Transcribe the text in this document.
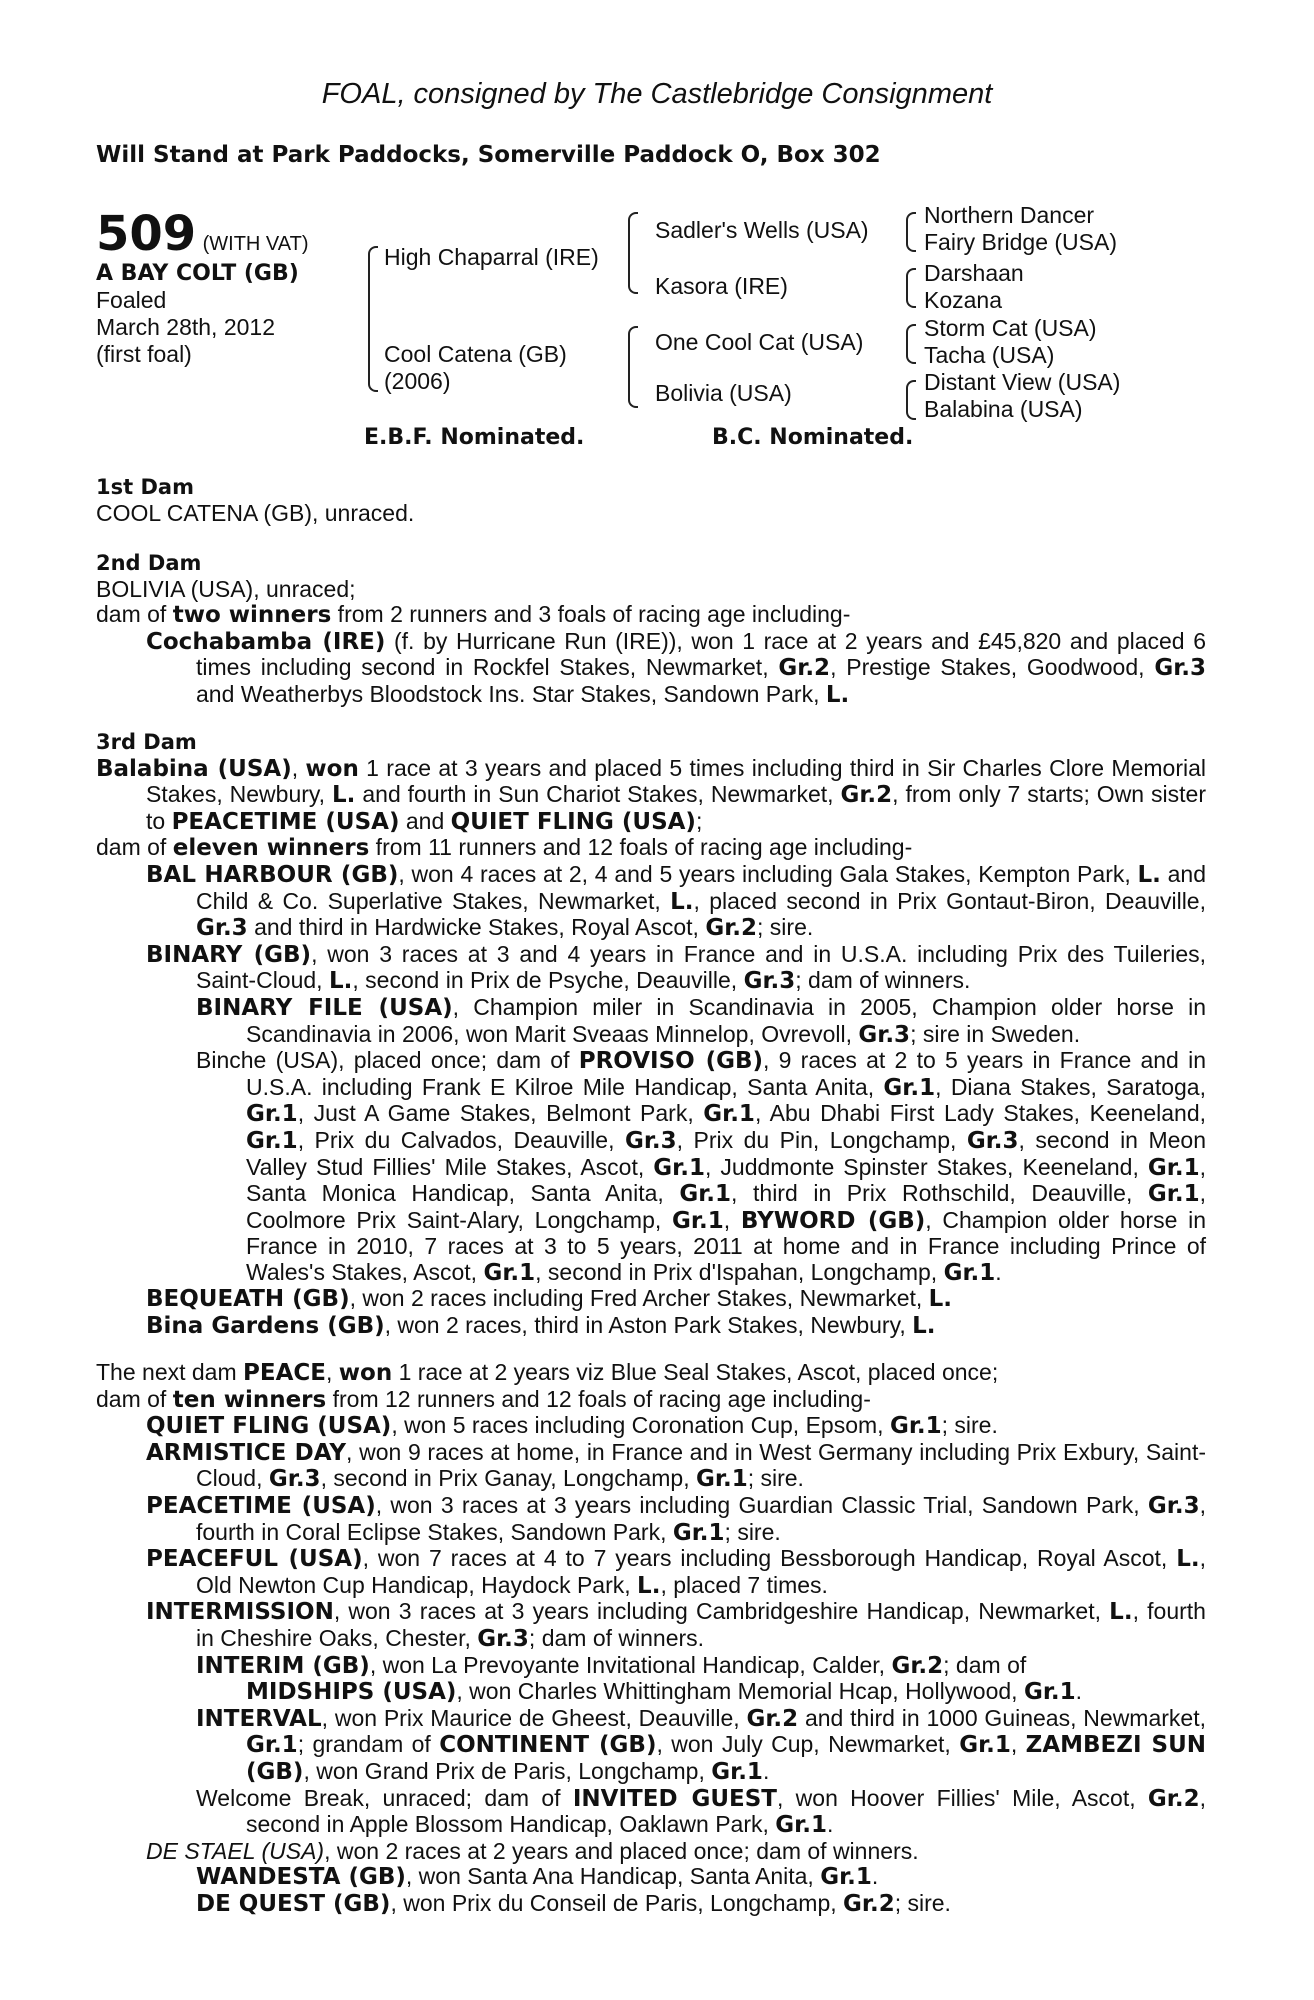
FOAL, consigned by The Castlebridge Consignment
Will Stand at Park Paddocks, Somerville Paddock O, Box 302
509 (WITH VAT)
A BAY COLT (GB)
Foaled
March 28th, 2012
(first foal)
High Chaparral (IRE)
Cool Catena (GB)
(2006)
Sadler's Wells (USA)
Kasora (IRE)
One Cool Cat (USA)
Bolivia (USA)
Northern Dancer
Fairy Bridge (USA)
Darshaan
Kozana
Storm Cat (USA)
Tacha (USA)
Distant View (USA)
Balabina (USA)
E.B.F. Nominated.	B.C. Nominated.

1st Dam

COOL CATENA (GB), unraced.

2nd Dam

BOLIVIA (USA), unraced;

dam of two winners from 2 runners and 3 foals of racing age including-

Cochabamba (IRE) (f. by Hurricane Run (IRE)), won 1 race at 2 years and £45,820 and placed 6 times including second in Rockfel Stakes, Newmarket, Gr.2, Prestige Stakes, Goodwood, Gr.3 and Weatherbys Bloodstock Ins. Star Stakes, Sandown Park, L.

3rd Dam

Balabina (USA), won 1 race at 3 years and placed 5 times including third in Sir Charles Clore Memorial Stakes, Newbury, L. and fourth in Sun Chariot Stakes, Newmarket, Gr.2, from only 7 starts; Own sister to PEACETIME (USA) and QUIET FLING (USA);

dam of eleven winners from 11 runners and 12 foals of racing age including-

BAL HARBOUR (GB), won 4 races at 2, 4 and 5 years including Gala Stakes, Kempton Park, L. and Child & Co. Superlative Stakes, Newmarket, L., placed second in Prix Gontaut-Biron, Deauville, Gr.3 and third in Hardwicke Stakes, Royal Ascot, Gr.2; sire.

BINARY (GB), won 3 races at 3 and 4 years in France and in U.S.A. including Prix des Tuileries, Saint-Cloud, L., second in Prix de Psyche, Deauville, Gr.3; dam of winners.

BINARY FILE (USA), Champion miler in Scandinavia in 2005, Champion older horse in Scandinavia in 2006, won Marit Sveaas Minnelop, Ovrevoll, Gr.3; sire in Sweden.

Binche (USA), placed once; dam of PROVISO (GB), 9 races at 2 to 5 years in France and in U.S.A. including Frank E Kilroe Mile Handicap, Santa Anita, Gr.1, Diana Stakes, Saratoga, Gr.1, Just A Game Stakes, Belmont Park, Gr.1, Abu Dhabi First Lady Stakes, Keeneland, Gr.1, Prix du Calvados, Deauville, Gr.3, Prix du Pin, Longchamp, Gr.3, second in Meon Valley Stud Fillies' Mile Stakes, Ascot, Gr.1, Juddmonte Spinster Stakes, Keeneland, Gr.1, Santa Monica Handicap, Santa Anita, Gr.1, third in Prix Rothschild, Deauville, Gr.1, Coolmore Prix Saint-Alary, Longchamp, Gr.1, BYWORD (GB), Champion older horse in France in 2010, 7 races at 3 to 5 years, 2011 at home and in France including Prince of Wales's Stakes, Ascot, Gr.1, second in Prix d'Ispahan, Longchamp, Gr.1.

BEQUEATH (GB), won 2 races including Fred Archer Stakes, Newmarket, L.

Bina Gardens (GB), won 2 races, third in Aston Park Stakes, Newbury, L.

The next dam PEACE, won 1 race at 2 years viz Blue Seal Stakes, Ascot, placed once;

dam of ten winners from 12 runners and 12 foals of racing age including-

QUIET FLING (USA), won 5 races including Coronation Cup, Epsom, Gr.1; sire.

ARMISTICE DAY, won 9 races at home, in France and in West Germany including Prix Exbury, Saint-Cloud, Gr.3, second in Prix Ganay, Longchamp, Gr.1; sire.

PEACETIME (USA), won 3 races at 3 years including Guardian Classic Trial, Sandown Park, Gr.3, fourth in Coral Eclipse Stakes, Sandown Park, Gr.1; sire.

PEACEFUL (USA), won 7 races at 4 to 7 years including Bessborough Handicap, Royal Ascot, L., Old Newton Cup Handicap, Haydock Park, L., placed 7 times.

INTERMISSION, won 3 races at 3 years including Cambridgeshire Handicap, Newmarket, L., fourth in Cheshire Oaks, Chester, Gr.3; dam of winners.

INTERIM (GB), won La Prevoyante Invitational Handicap, Calder, Gr.2; dam of

MIDSHIPS (USA), won Charles Whittingham Memorial Hcap, Hollywood, Gr.1.

INTERVAL, won Prix Maurice de Gheest, Deauville, Gr.2 and third in 1000 Guineas, Newmarket, Gr.1; grandam of CONTINENT (GB), won July Cup, Newmarket, Gr.1, ZAMBEZI SUN (GB), won Grand Prix de Paris, Longchamp, Gr.1.

Welcome Break, unraced; dam of INVITED GUEST, won Hoover Fillies' Mile, Ascot, Gr.2, second in Apple Blossom Handicap, Oaklawn Park, Gr.1.

DE STAEL (USA), won 2 races at 2 years and placed once; dam of winners.

WANDESTA (GB), won Santa Ana Handicap, Santa Anita, Gr.1.

DE QUEST (GB), won Prix du Conseil de Paris, Longchamp, Gr.2; sire.
